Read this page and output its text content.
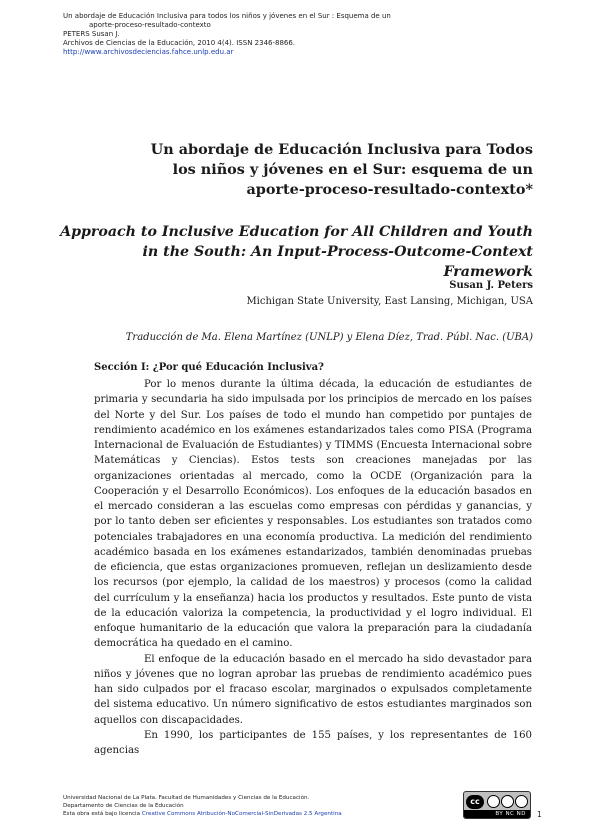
Un abordaje de Educación Inclusiva para todos los niños y jóvenes en el Sur : Esquema de un
aporte-proceso-resultado-contexto
PETERS Susan J.
Archivos de Ciencias de la Educación, 2010 4(4). ISSN 2346-8866.
http://www.archivosdeciencias.fahce.unlp.edu.ar
Un abordaje de Educación Inclusiva para Todos
los niños y jóvenes en el Sur: esquema de un
aporte-proceso-resultado-contexto*
Approach to Inclusive Education for All Children and Youth
in the South: An Input-Process-Outcome-Context Framework
Susan J. Peters
Michigan State University, East Lansing, Michigan, USA
Traducción de Ma. Elena Martínez (UNLP) y Elena Díez, Trad. Públ. Nac. (UBA)
Sección I: ¿Por qué Educación Inclusiva?

Por lo menos durante la última década, la educación de estudiantes de primaria y secundaria ha sido impulsada por los principios de mercado en los países del Norte y del Sur. Los países de todo el mundo han competido por puntajes de rendimiento académico en los exámenes estandarizados tales como PISA (Programa Internacional de Evaluación de Estudiantes) y TIMMS (Encuesta Internacional sobre Matemáticas y Ciencias). Estos tests son creaciones manejadas por las organizaciones orientadas al mercado, como la OCDE (Organización para la Cooperación y el Desarrollo Económicos). Los enfoques de la educación basados en el mercado consideran a las escuelas como empresas con pérdidas y ganancias, y por lo tanto deben ser eficientes y responsables. Los estudiantes son tratados como potenciales trabajadores en una economía productiva. La medición del rendimiento académico basada en los exámenes estandarizados, también denominadas pruebas de eficiencia, que estas organizaciones promueven, reflejan un deslizamiento desde los recursos (por ejemplo, la calidad de los maestros) y procesos (como la calidad del currículum y la enseñanza) hacia los productos y resultados. Este punto de vista de la educación valoriza la competencia, la productividad y el logro individual. El enfoque humanitario de la educación que valora la preparación para la ciudadanía democrática ha quedado en el camino.

El enfoque de la educación basado en el mercado ha sido devastador para niños y jóvenes que no logran aprobar las pruebas de rendimiento académico pues han sido culpados por el fracaso escolar, marginados o expulsados completamente del sistema educativo. Un número significativo de estos estudiantes marginados son aquellos con discapacidades.

En 1990, los participantes de 155 países, y los representantes de 160 agencias

Universidad Nacional de La Plata. Facultad de Humanidades y Ciencias de la Educación.
Departamento de Ciencias de la Educación
Esta obra está bajo licencia Creative Commons Atribución-NoComercial-SinDerivadas 2.5 Argentina
cc
BY NC ND	1
